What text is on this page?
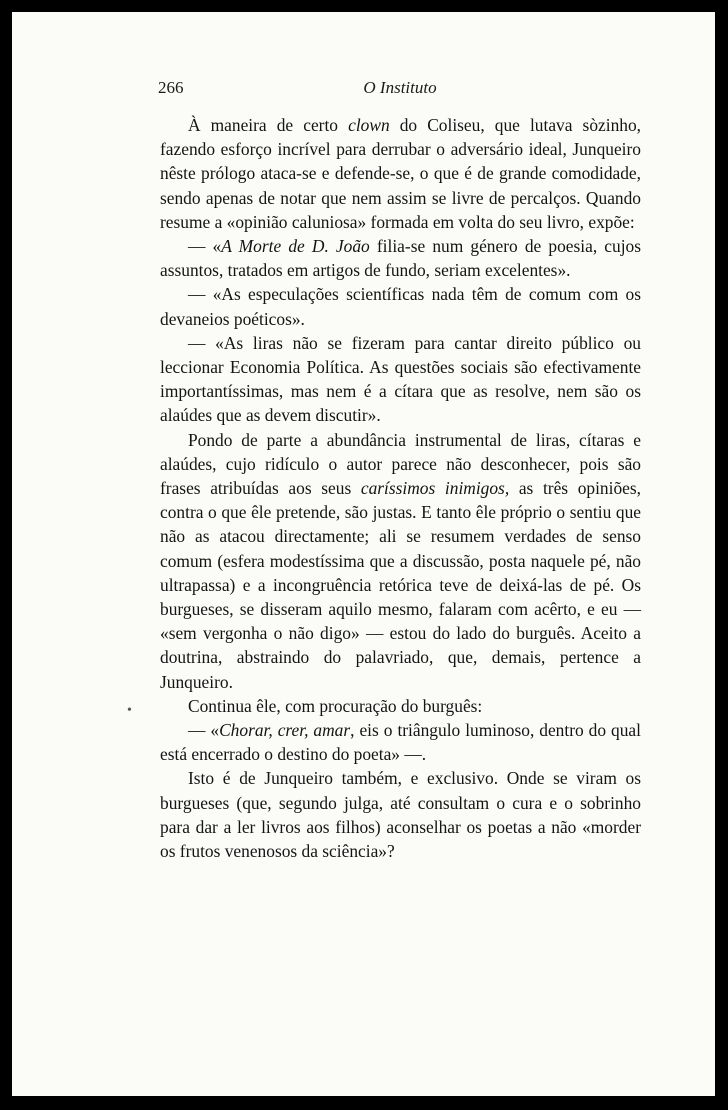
266	O Instituto

À maneira de certo clown do Coliseu, que lutava sòzinho, fazendo esforço incrível para derrubar o adversário ideal, Junqueiro nêste prólogo ataca-se e defende-se, o que é de grande comodidade, sendo apenas de notar que nem assim se livre de percalços. Quando resume a «opinião caluniosa» formada em volta do seu livro, expõe:

— «A Morte de D. João filia-se num género de poesia, cujos assuntos, tratados em artigos de fundo, seriam excelentes».

— «As especulações scientíficas nada têm de comum com os devaneios poéticos».

— «As liras não se fizeram para cantar direito público ou leccionar Economia Política. As questões sociais são efectivamente importantíssimas, mas nem é a cítara que as resolve, nem são os alaúdes que as devem discutir».

Pondo de parte a abundância instrumental de liras, cítaras e alaúdes, cujo ridículo o autor parece não desconhecer, pois são frases atribuídas aos seus caríssimos inimigos, as três opiniões, contra o que êle pretende, são justas. E tanto êle próprio o sentiu que não as atacou directamente; ali se resumem verdades de senso comum (esfera modestíssima que a discussão, posta naquele pé, não ultrapassa) e a incongruência retórica teve de deixá-las de pé. Os burgueses, se disseram aquilo mesmo, falaram com acêrto, e eu — «sem vergonha o não digo» — estou do lado do burguês. Aceito a doutrina, abstraindo do palavriado, que, demais, pertence a Junqueiro.

Continua êle, com procuração do burguês:

— «Chorar, crer, amar, eis o triângulo luminoso, dentro do qual está encerrado o destino do poeta» —.

Isto é de Junqueiro também, e exclusivo. Onde se viram os burgueses (que, segundo julga, até consultam o cura e o sobrinho para dar a ler livros aos filhos) aconselhar os poetas a não «morder os frutos venenosos da sciência»?

•
